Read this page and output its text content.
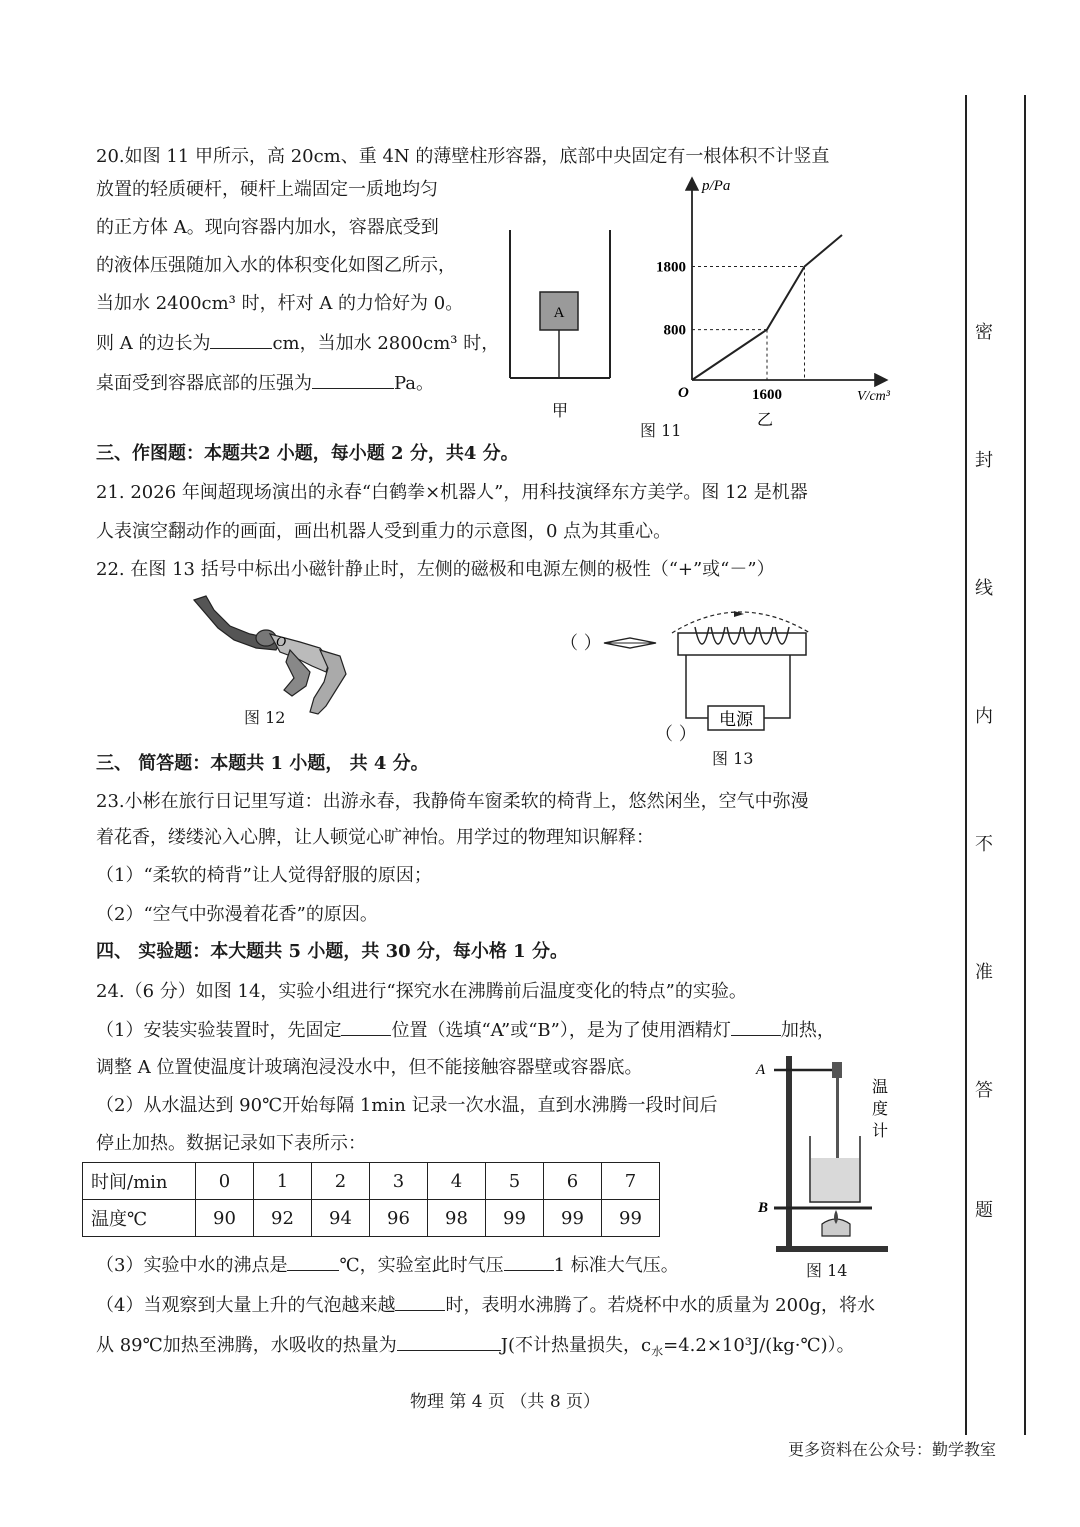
20.如图 11 甲所示，高 20cm、重 4N 的薄壁柱形容器，底部中央固定有一根体积不计竖直
放置的轻质硬杆，硬杆上端固定一质地均匀
的正方体 A。现向容器内加水，容器底受到
的液体压强随加入水的体积变化如图乙所示，
当加水 2400cm³ 时，杆对 A 的力恰好为 0。
则 A 的边长为	cm，当加水 2800cm³ 时，
桌面受到容器底部的压强为	Pa。
A
甲
p/Pa
V/cm³
O
1800
800
1600
乙
图 11
三、作图题：本题共2 小题，每小题 2 分，共4 分。
21. 2026 年闽超现场演出的永春“白鹤拳×机器人”，用科技演绎东方美学。图 12 是机器
人表演空翻动作的画面，画出机器人受到重力的示意图，0 点为其重心。
22. 在图 13 括号中标出小磁针静止时，左侧的磁极和电源左侧的极性（“+”或“－”）
O
图 12
（ ）
电源
（ ）
图 13
三、 简答题：本题共 1 小题， 共 4 分。
23.小彬在旅行日记里写道：出游永春，我静倚车窗柔软的椅背上，悠然闲坐，空气中弥漫
着花香，缕缕沁入心脾，让人顿觉心旷神怡。用学过的物理知识解释：
（1）“柔软的椅背”让人觉得舒服的原因；
（2）“空气中弥漫着花香”的原因。
四、 实验题：本大题共 5 小题，共 30 分，每小格 1 分。
24.（6 分）如图 14，实验小组进行“探究水在沸腾前后温度变化的特点”的实验。
（1）安装实验装置时，先固定	位置（选填“A”或“B”），是为了使用酒精灯	加热，
调整 A 位置使温度计玻璃泡浸没水中，但不能接触容器壁或容器底。
（2）从水温达到 90℃开始每隔 1min 记录一次水温，直到水沸腾一段时间后
停止加热。数据记录如下表所示：
时间/min	0	1	2	3	4	5	6	7
温度℃	90	92	94	96	98	99	99	99
（3）实验中水的沸点是	℃，实验室此时气压	1 标准大气压。
（4）当观察到大量上升的气泡越来越	时，表明水沸腾了。若烧杯中水的质量为 200g，将水
从 89℃加热至沸腾，水吸收的热量为	J(不计热量损失，$c_水=4.2\times 10^3J/(kg\cdot℃)$）。
A
B
温
度
计
图 14
密
封
线
内
不
准
答
题
物理 第 4 页 （共 8 页）
更多资料在公众号：勤学教室
